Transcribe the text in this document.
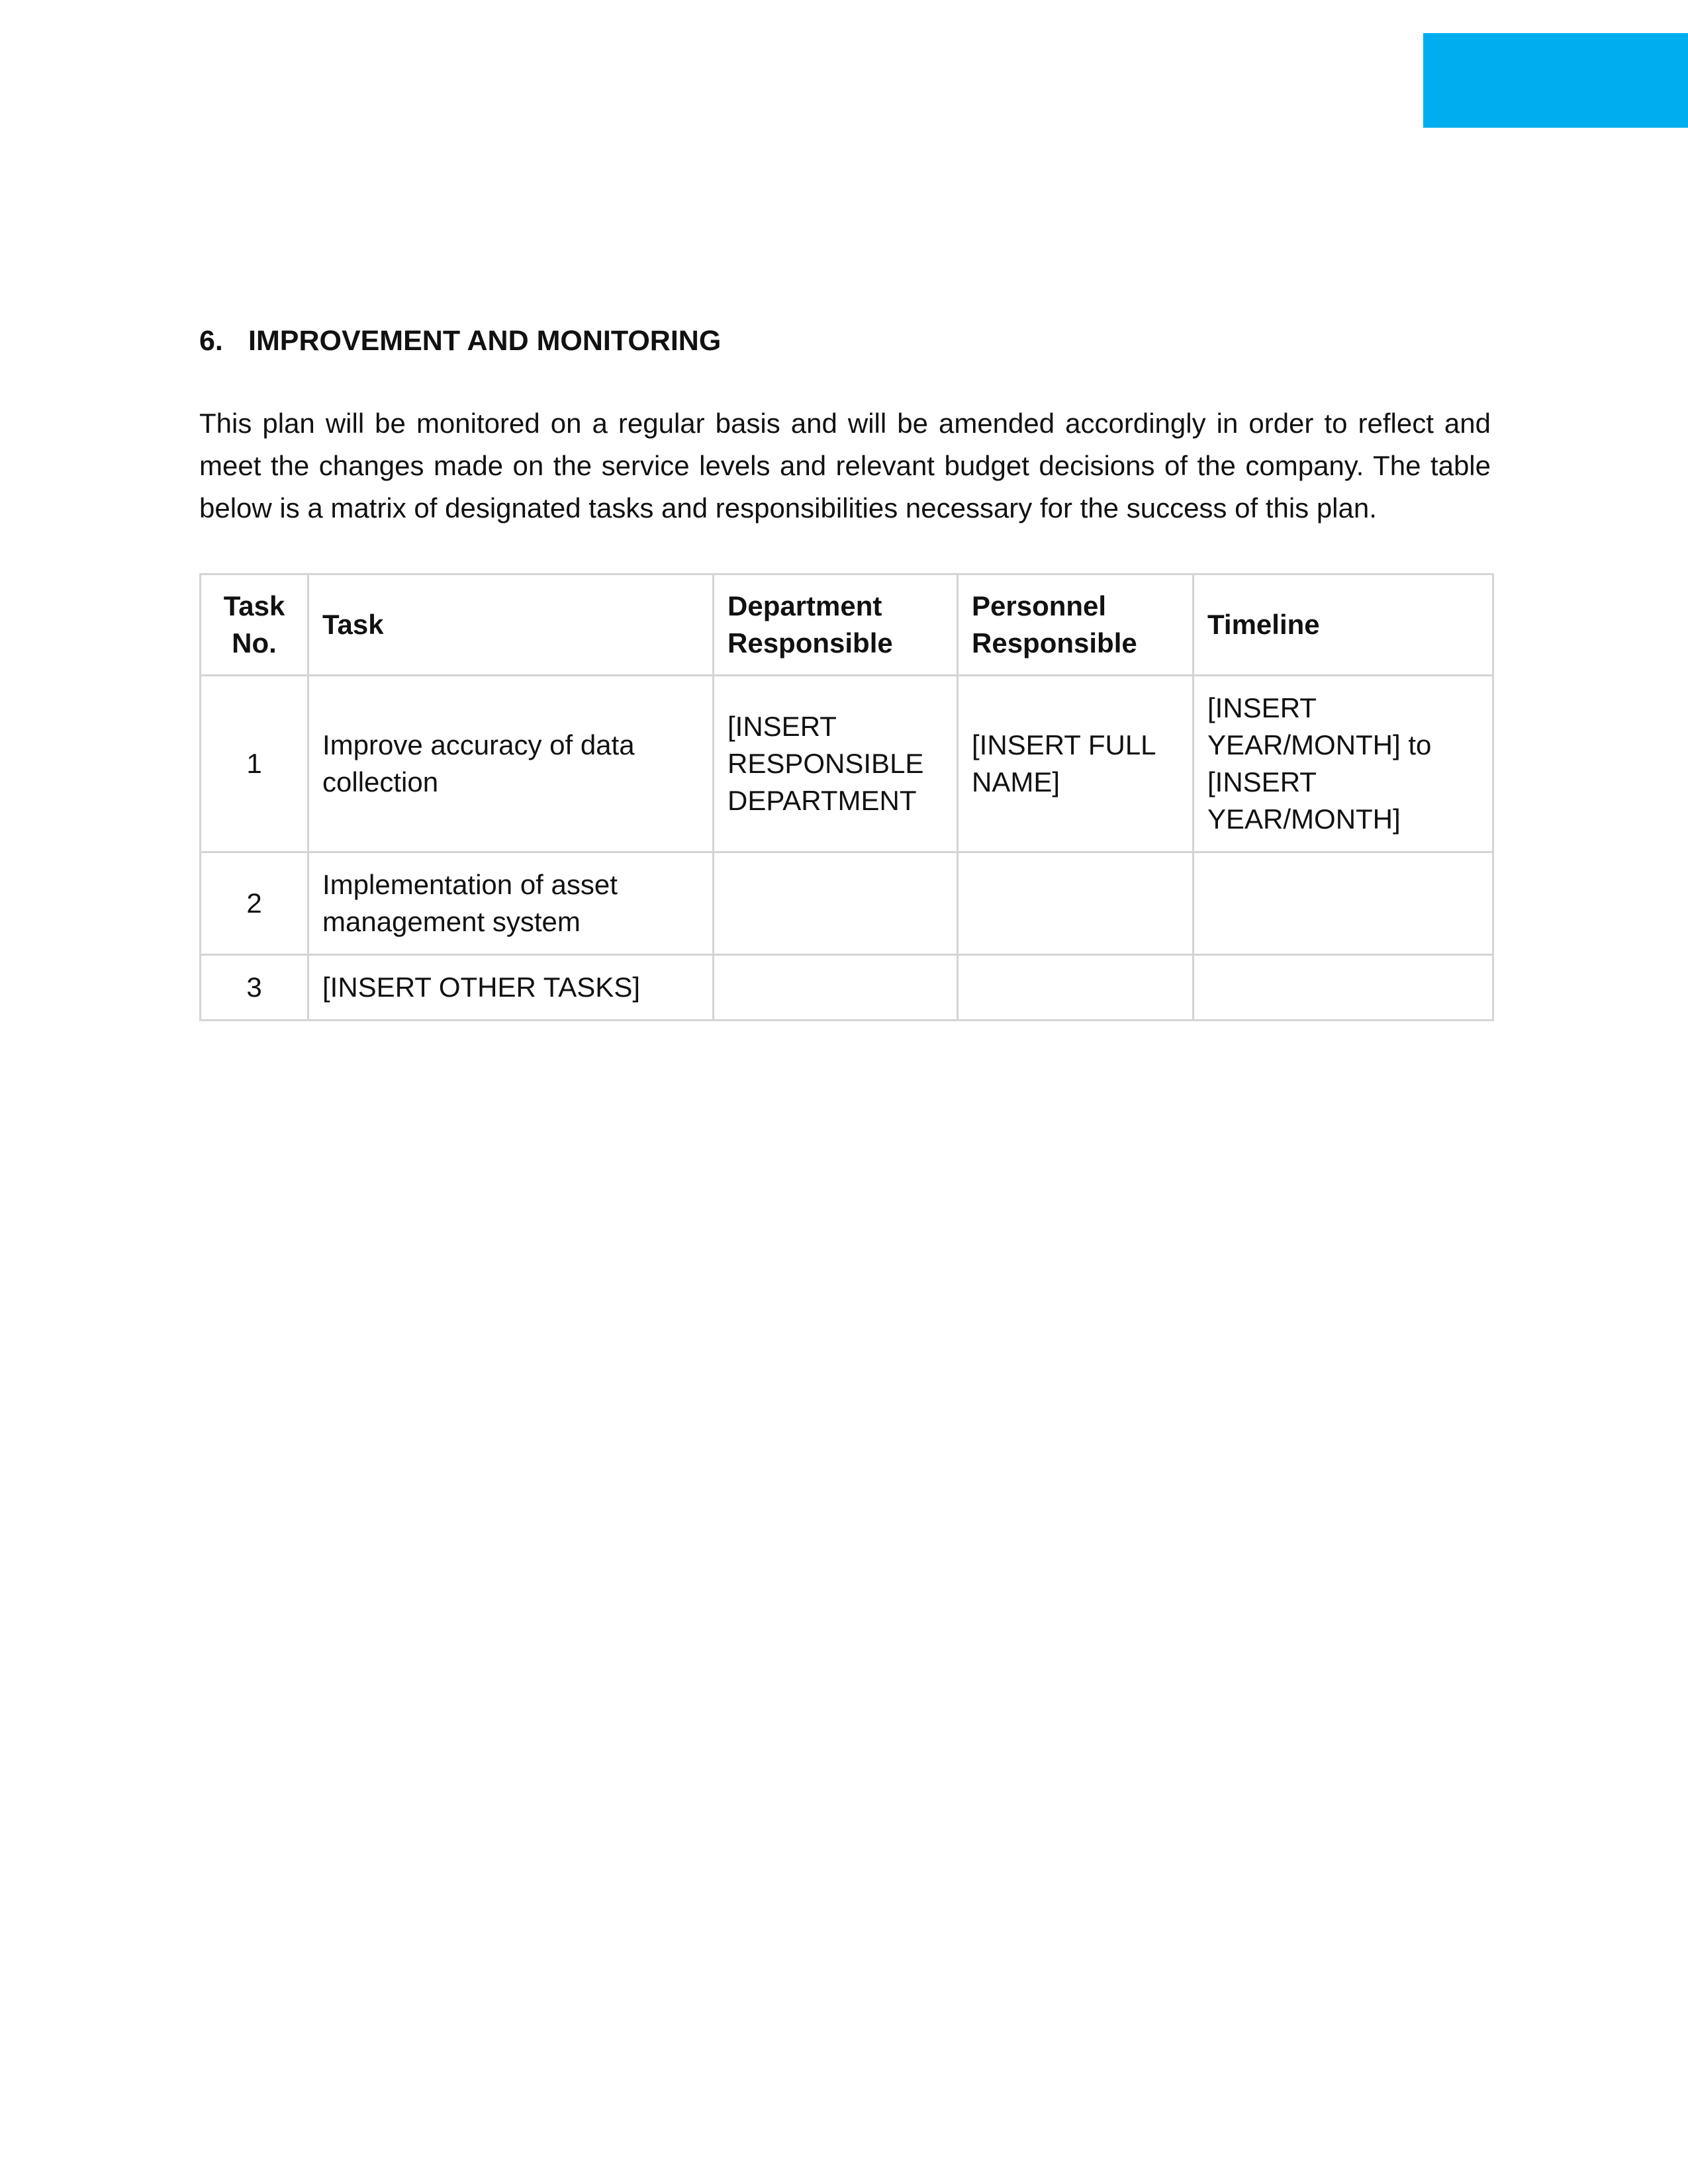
6. IMPROVEMENT AND MONITORING

This plan will be monitored on a regular basis and will be amended accordingly in order to reflect and meet the changes made on the service levels and relevant budget decisions of the company. The table below is a matrix of designated tasks and responsibilities necessary for the success of this plan.

Task No.	Task	Department Responsible	Personnel Responsible	Timeline
1	Improve accuracy of data collection	[INSERT RESPONSIBLE DEPARTMENT	[INSERT FULL NAME]	[INSERT YEAR/MONTH] to [INSERT YEAR/MONTH]
2	Implementation of asset management system			
3	[INSERT OTHER TASKS]			
